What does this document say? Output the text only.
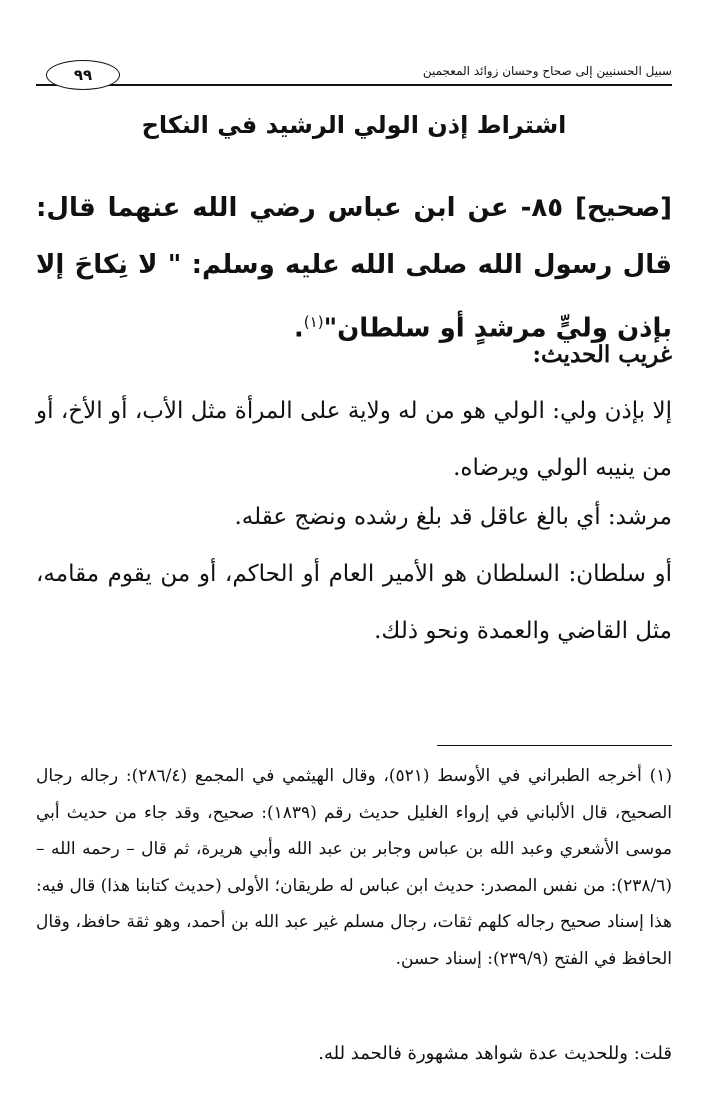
سبيل الحسنيين إلى صحاح وحسان زوائد المعجمين
٩٩
اشتراط إذن الولي الرشيد في النكاح
[صحيح] ٨٥- عن ابن عباس رضي الله عنهما قال: قال رسول الله صلى الله عليه وسلم: " لا نِكاحَ إلا بإذن وليٍّ مرشدٍ أو سلطان"$^{(١)}$.
غريب الحديث:
إلا بإذن ولي: الولي هو من له ولاية على المرأة مثل الأب، أو الأخ، أو من ينيبه الولي ويرضاه.
مرشد: أي بالغ عاقل قد بلغ رشده ونضج عقله.
أو سلطان: السلطان هو الأمير العام أو الحاكم، أو من يقوم مقامه، مثل القاضي والعمدة ونحو ذلك.
(١) أخرجه الطبراني في الأوسط (٥٢١)، وقال الهيثمي في المجمع (٢٨٦/٤): رجاله رجال الصحيح، قال الألباني في إرواء الغليل حديث رقم (١٨٣٩): صحيح، وقد جاء من حديث أبي موسى الأشعري وعبد الله بن عباس وجابر بن عبد الله وأبي هريرة، ثم قال – رحمه الله – (٢٣٨/٦): من نفس المصدر: حديث ابن عباس له طريقان؛ الأولى (حديث كتابنا هذا) قال فيه: هذا إسناد صحيح رجاله كلهم ثقات، رجال مسلم غير عبد الله بن أحمد، وهو ثقة حافظ، وقال الحافظ في الفتح (٢٣٩/٩): إسناد حسن.
قلت: وللحديث عدة شواهد مشهورة فالحمد لله.
